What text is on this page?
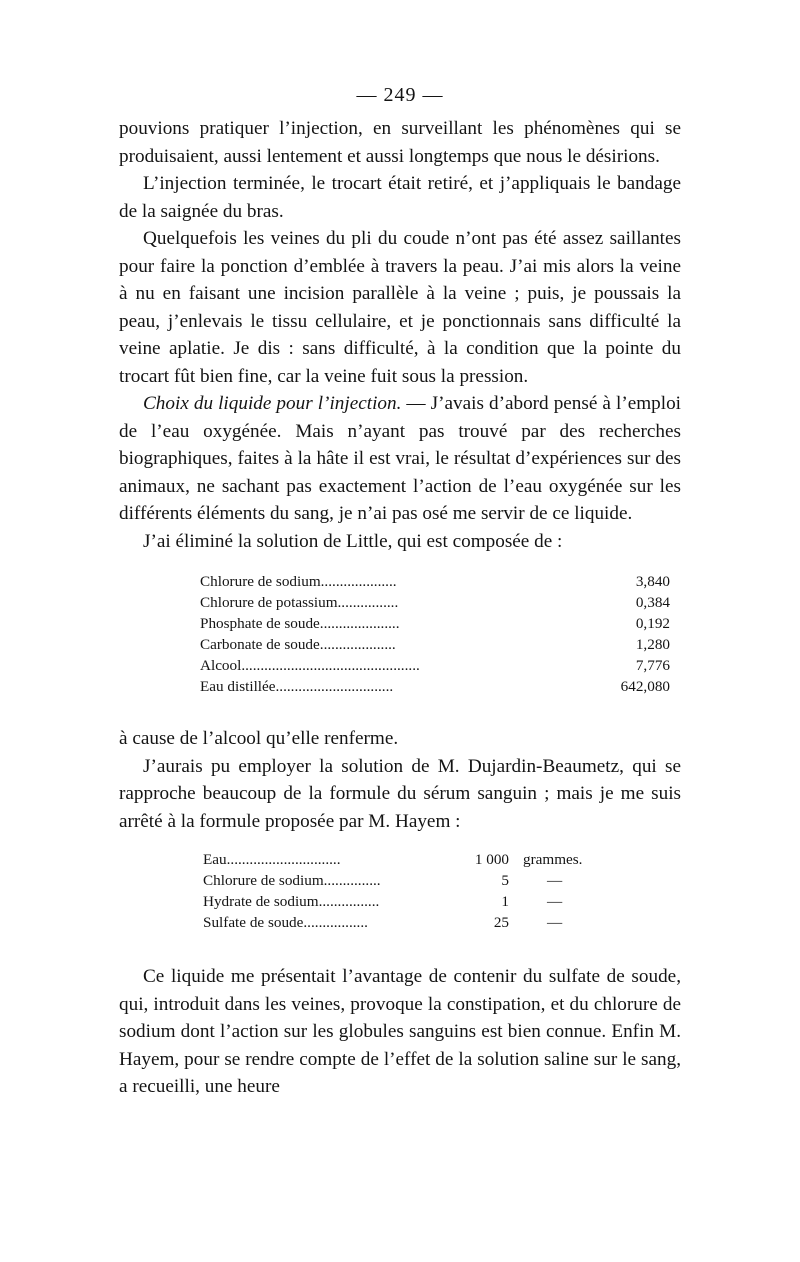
— 249 —

pouvions pratiquer l’injection, en surveillant les phénomènes qui se produisaient, aussi lentement et aussi longtemps que nous le désirions.

L’injection terminée, le trocart était retiré, et j’appliquais le bandage de la saignée du bras.

Quelquefois les veines du pli du coude n’ont pas été assez saillantes pour faire la ponction d’emblée à travers la peau. J’ai mis alors la veine à nu en faisant une incision parallèle à la veine ; puis, je poussais la peau, j’enlevais le tissu cellulaire, et je ponctionnais sans difficulté la veine aplatie. Je dis : sans difficulté, à la condition que la pointe du trocart fût bien fine, car la veine fuit sous la pression.

Choix du liquide pour l’injection. — J’avais d’abord pensé à l’emploi de l’eau oxygénée. Mais n’ayant pas trouvé par des recherches biographiques, faites à la hâte il est vrai, le résultat d’expériences sur des animaux, ne sachant pas exactement l’action de l’eau oxygénée sur les différents éléments du sang, je n’ai pas osé me servir de ce liquide.

J’ai éliminé la solution de Little, qui est composée de :

Chlorure de sodium....................	3,840
Chlorure de potassium................	0,384
Phosphate de soude.....................	0,192
Carbonate de soude....................	1,280
Alcool...............................................	7,776
Eau distillée...............................	642,080

à cause de l’alcool qu’elle renferme.

J’aurais pu employer la solution de M. Dujardin-Beaumetz, qui se rapproche beaucoup de la formule du sérum sanguin ; mais je me suis arrêté à la formule proposée par M. Hayem :

Eau..............................	1 000	grammes.
Chlorure de sodium...............	5	—
Hydrate de sodium................	1	—
Sulfate de soude.................	25	—

Ce liquide me présentait l’avantage de contenir du sulfate de soude, qui, introduit dans les veines, provoque la constipation, et du chlorure de sodium dont l’action sur les globules sanguins est bien connue. Enfin M. Hayem, pour se rendre compte de l’effet de la solution saline sur le sang, a recueilli, une heure
